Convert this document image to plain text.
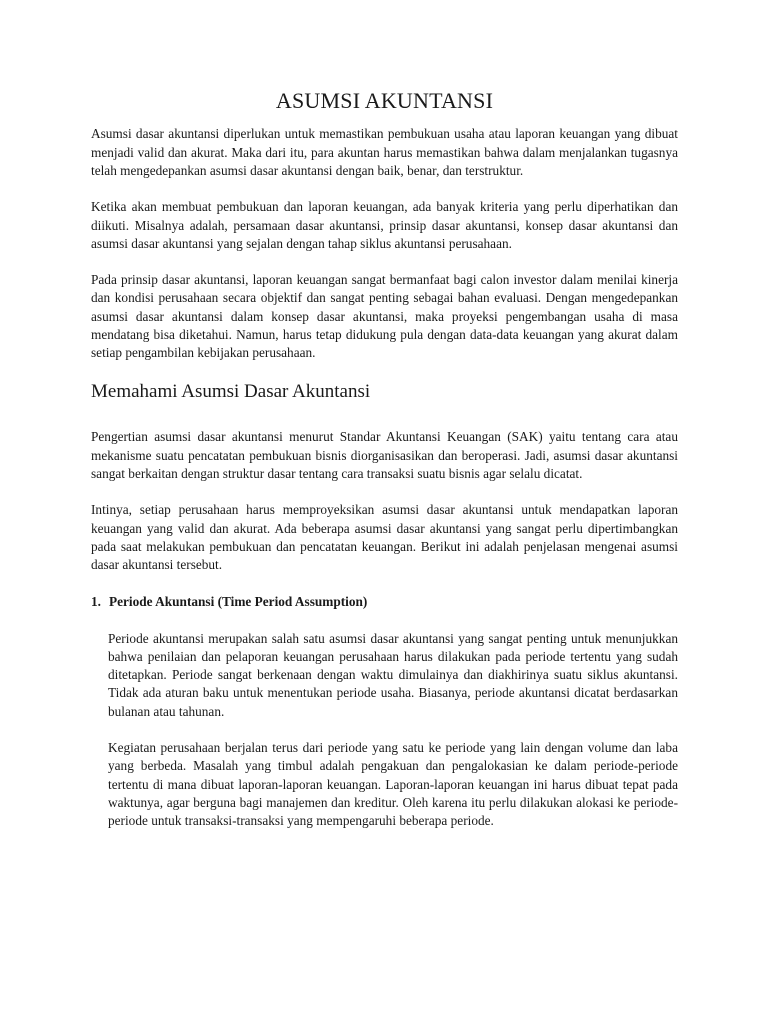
ASUMSI AKUNTANSI

Asumsi dasar akuntansi diperlukan untuk memastikan pembukuan usaha atau laporan keuangan yang dibuat menjadi valid dan akurat. Maka dari itu, para akuntan harus memastikan bahwa dalam menjalankan tugasnya telah mengedepankan asumsi dasar akuntansi dengan baik, benar, dan terstruktur.

Ketika akan membuat pembukuan dan laporan keuangan, ada banyak kriteria yang perlu diperhatikan dan diikuti. Misalnya adalah, persamaan dasar akuntansi, prinsip dasar akuntansi, konsep dasar akuntansi dan asumsi dasar akuntansi yang sejalan dengan tahap siklus akuntansi perusahaan.

Pada prinsip dasar akuntansi, laporan keuangan sangat bermanfaat bagi calon investor dalam menilai kinerja dan kondisi perusahaan secara objektif dan sangat penting sebagai bahan evaluasi. Dengan mengedepankan asumsi dasar akuntansi dalam konsep dasar akuntansi, maka proyeksi pengembangan usaha di masa mendatang bisa diketahui. Namun, harus tetap didukung pula dengan data-data keuangan yang akurat dalam setiap pengambilan kebijakan perusahaan.

Memahami Asumsi Dasar Akuntansi

Pengertian asumsi dasar akuntansi menurut Standar Akuntansi Keuangan (SAK) yaitu tentang cara atau mekanisme suatu pencatatan pembukuan bisnis diorganisasikan dan beroperasi. Jadi, asumsi dasar akuntansi sangat berkaitan dengan struktur dasar tentang cara transaksi suatu bisnis agar selalu dicatat.

Intinya, setiap perusahaan harus memproyeksikan asumsi dasar akuntansi untuk mendapatkan laporan keuangan yang valid dan akurat. Ada beberapa asumsi dasar akuntansi yang sangat perlu dipertimbangkan pada saat melakukan pembukuan dan pencatatan keuangan. Berikut ini adalah penjelasan mengenai asumsi dasar akuntansi tersebut.

1. Periode Akuntansi (Time Period Assumption)

Periode akuntansi merupakan salah satu asumsi dasar akuntansi yang sangat penting untuk menunjukkan bahwa penilaian dan pelaporan keuangan perusahaan harus dilakukan pada periode tertentu yang sudah ditetapkan. Periode sangat berkenaan dengan waktu dimulainya dan diakhirinya suatu siklus akuntansi. Tidak ada aturan baku untuk menentukan periode usaha. Biasanya, periode akuntansi dicatat berdasarkan bulanan atau tahunan.

Kegiatan perusahaan berjalan terus dari periode yang satu ke periode yang lain dengan volume dan laba yang berbeda. Masalah yang timbul adalah pengakuan dan pengalokasian ke dalam periode-periode tertentu di mana dibuat laporan-laporan keuangan. Laporan-laporan keuangan ini harus dibuat tepat pada waktunya, agar berguna bagi manajemen dan kreditur. Oleh karena itu perlu dilakukan alokasi ke periode-periode untuk transaksi-transaksi yang mempengaruhi beberapa periode.
